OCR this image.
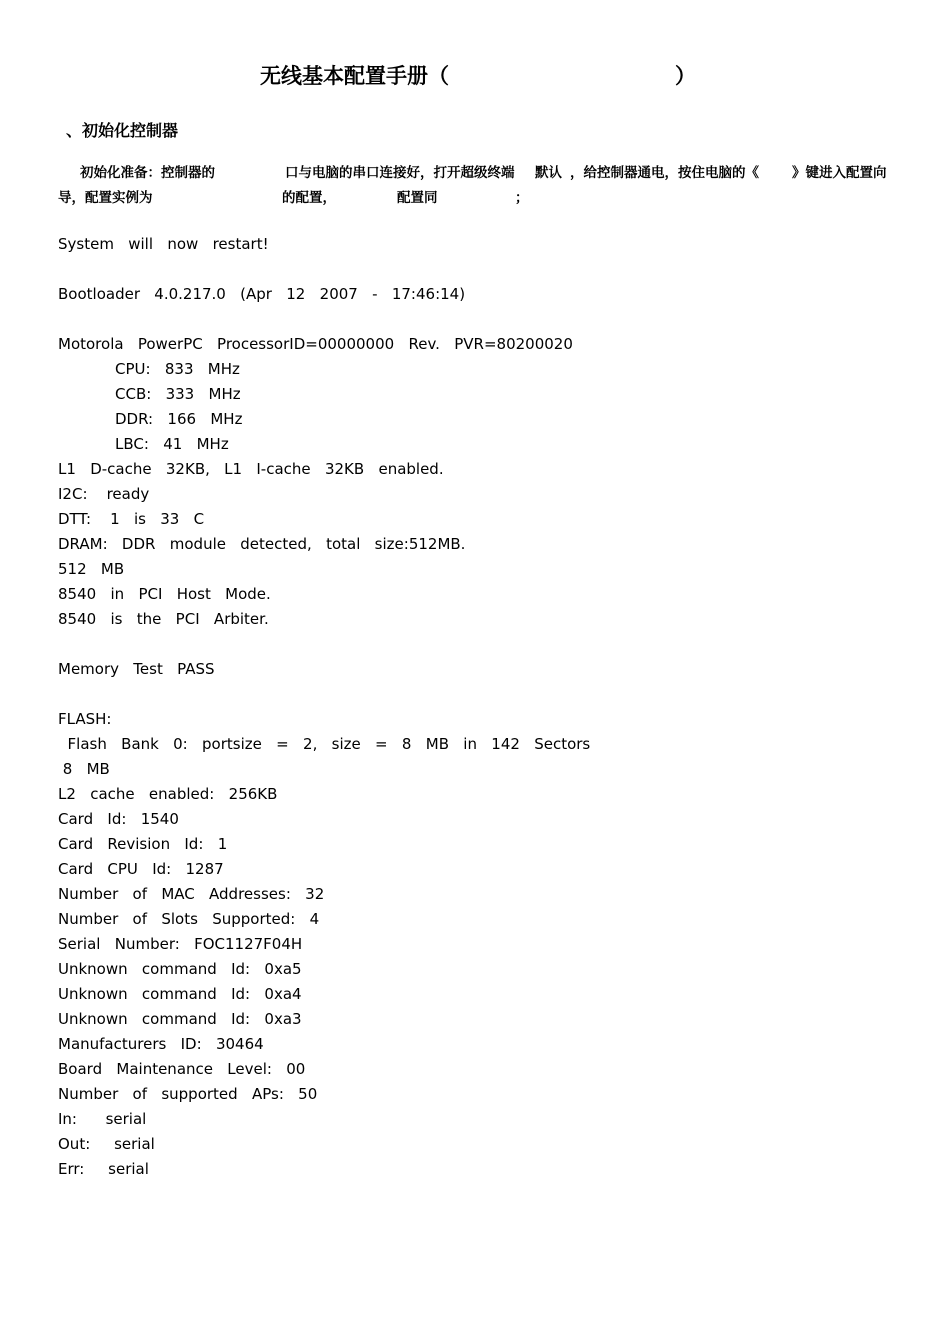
无线基本配置手册（	）
、初始化控制器
初始化准备：控制器的	口与电脑的串口连接好，打开超级终端 默认 ，给控制器通电，按住电脑的《 》键进入配置向
导，配置实例为	的配置，	配置同	；
System   will   now   restart!
Bootloader   4.0.217.0   (Apr   12   2007   -   17:46:14)
Motorola   PowerPC   ProcessorID=00000000   Rev.   PVR=80200020
CPU:   833   MHz
CCB:   333   MHz
DDR:   166   MHz
LBC:   41   MHz
L1   D-cache   32KB,   L1   I-cache   32KB   enabled.
I2C:    ready
DTT:    1   is   33   C
DRAM:   DDR   module   detected,   total   size:512MB.
512   MB
8540   in   PCI   Host   Mode.
8540   is   the   PCI   Arbiter.
Memory   Test   PASS
FLASH:
Flash   Bank   0:   portsize   =   2,   size   =   8   MB   in   142   Sectors
8   MB
L2   cache   enabled:   256KB
Card   Id:   1540
Card   Revision   Id:   1
Card   CPU   Id:   1287
Number   of   MAC   Addresses:   32
Number   of   Slots   Supported:   4
Serial   Number:   FOC1127F04H
Unknown   command   Id:   0xa5
Unknown   command   Id:   0xa4
Unknown   command   Id:   0xa3
Manufacturers   ID:   30464
Board   Maintenance   Level:   00
Number   of   supported   APs:   50
In:      serial
Out:     serial
Err:     serial
